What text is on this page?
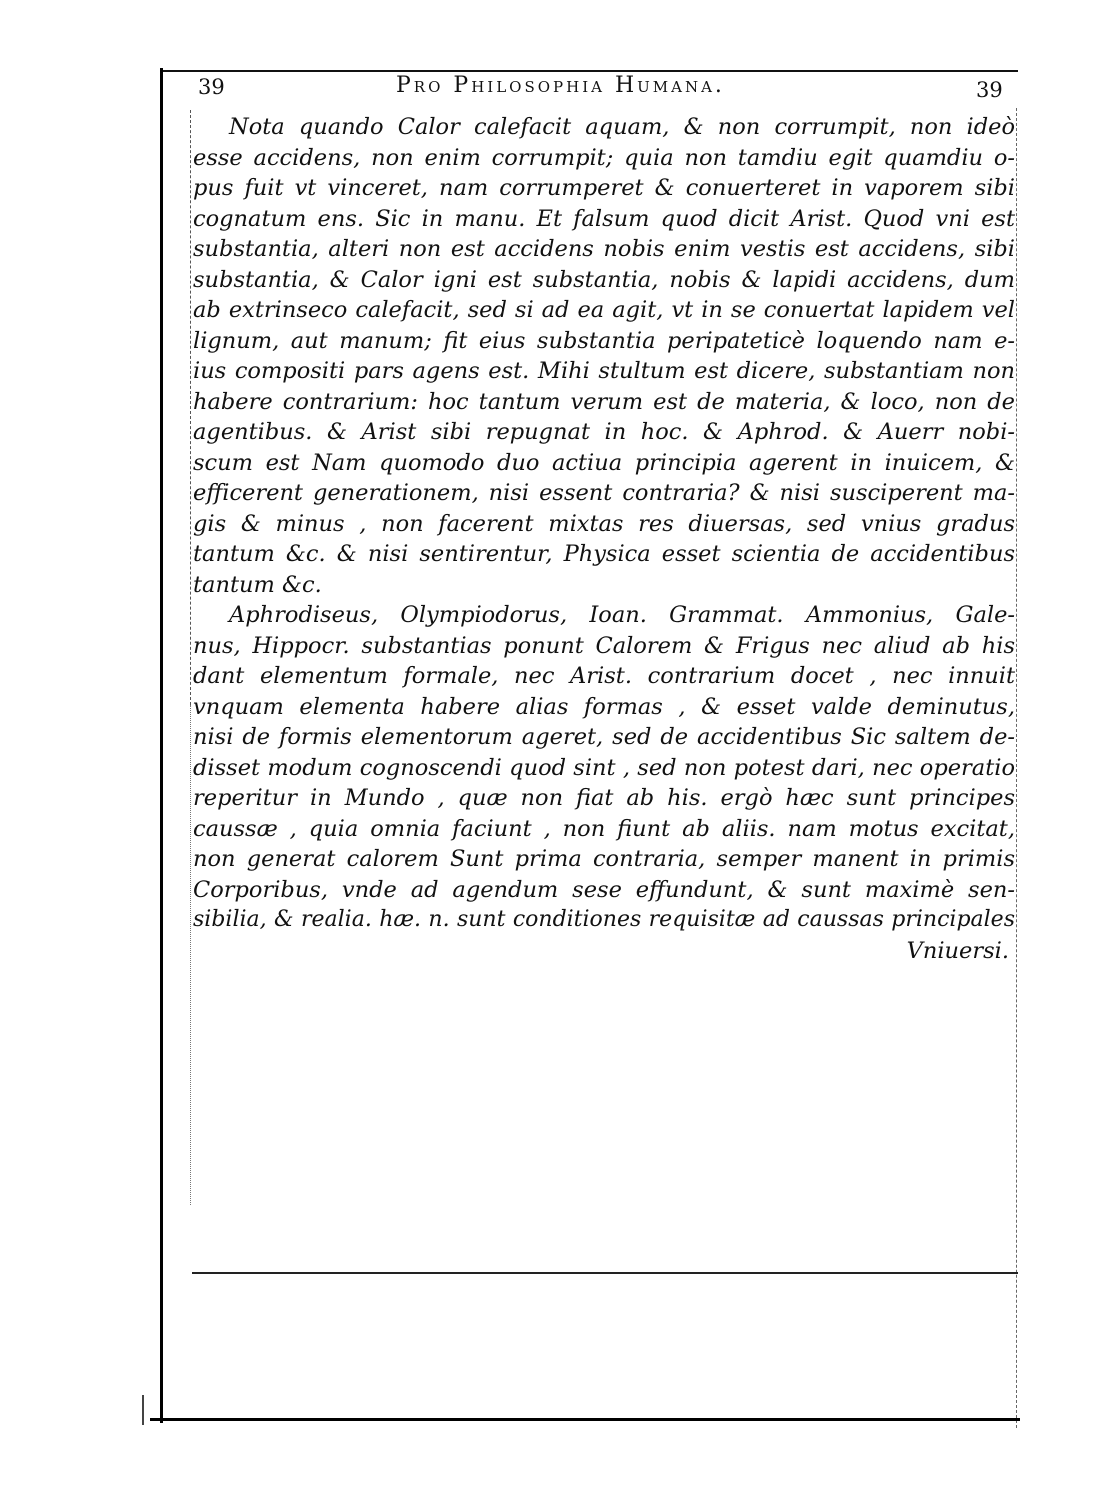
39	Pro Philosophia Humana.	39
Nota quando Calor calefacit aquam, & non corrumpit, non ideò
esse accidens, non enim corrumpit; quia non tamdiu egit quamdiu o-
pus fuit vt vinceret, nam corrumperet & conuerteret in vaporem sibi
cognatum ens. Sic in manu. Et falsum quod dicit Arist. Quod vni est
substantia, alteri non est accidens nobis enim vestis est accidens, sibi
substantia, & Calor igni est substantia, nobis & lapidi accidens, dum
ab extrinseco calefacit, sed si ad ea agit, vt in se conuertat lapidem vel
lignum, aut manum; fit eius substantia peripateticè loquendo nam e-
ius compositi pars agens est. Mihi stultum est dicere, substantiam non
habere contrarium: hoc tantum verum est de materia, & loco, non de
agentibus. & Arist sibi repugnat in hoc. & Aphrod. & Auerr nobi-
scum est Nam quomodo duo actiua principia agerent in inuicem, &
efficerent generationem, nisi essent contraria? & nisi susciperent ma-
gis & minus , non facerent mixtas res diuersas, sed vnius gradus
tantum &c. & nisi sentirentur, Physica esset scientia de accidentibus
tantum &c.
Aphrodiseus, Olympiodorus, Ioan. Grammat. Ammonius, Gale-
nus, Hippocr. substantias ponunt Calorem & Frigus nec aliud ab his
dant elementum formale, nec Arist. contrarium docet , nec innuit
vnquam elementa habere alias formas , & esset valde deminutus,
nisi de formis elementorum ageret, sed de accidentibus Sic saltem de-
disset modum cognoscendi quod sint , sed non potest dari, nec operatio
reperitur in Mundo , quæ non fiat ab his. ergò hæc sunt principes
caussæ , quia omnia faciunt , non fiunt ab aliis. nam motus excitat,
non generat calorem Sunt prima contraria, semper manent in primis
Corporibus, vnde ad agendum sese effundunt, & sunt maximè sen-
sibilia, & realia. hæ. n. sunt conditiones requisitæ ad caussas principales
Vniuersi.
